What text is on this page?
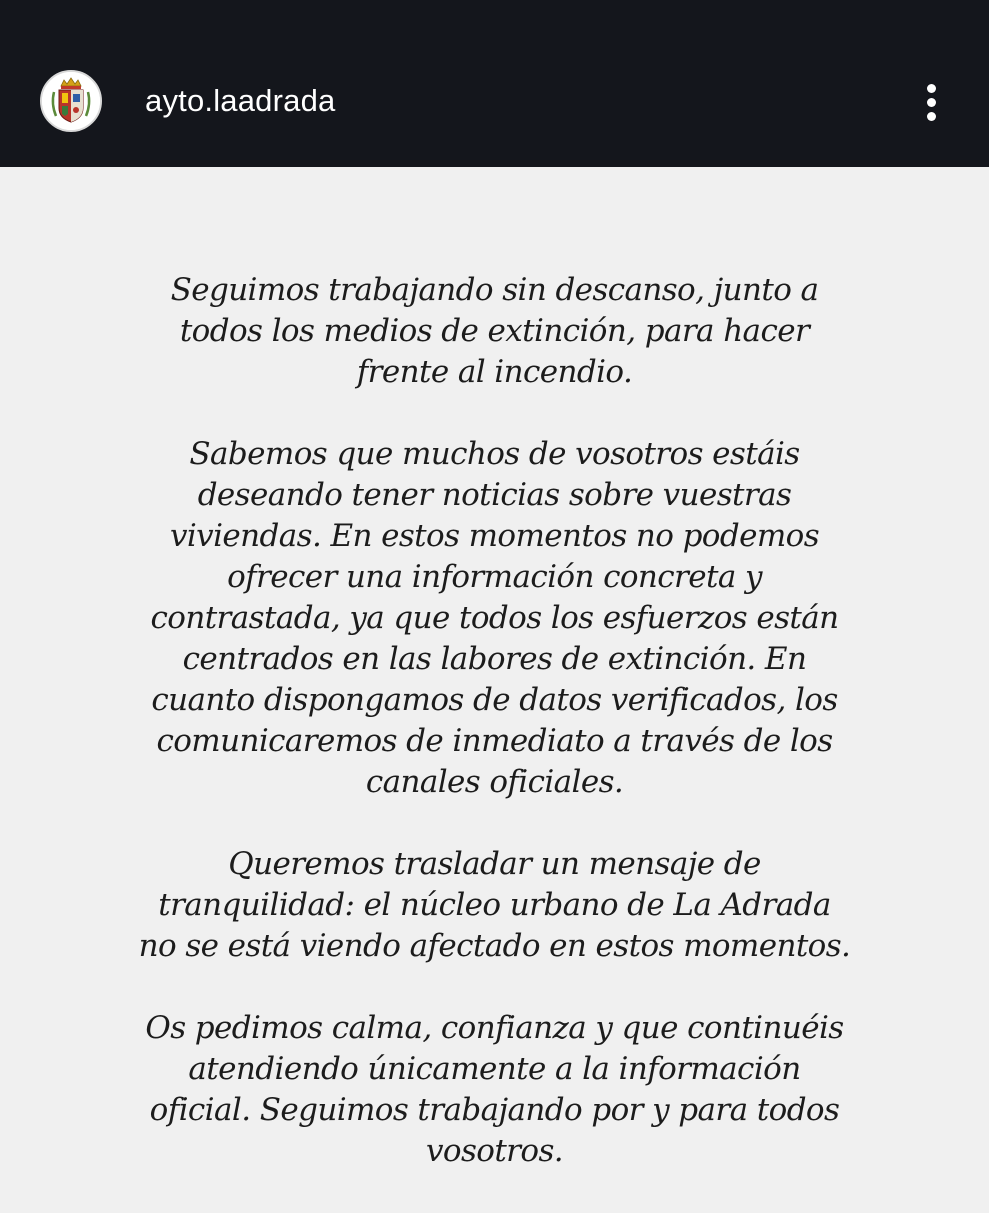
ayto.laadrada

Seguimos trabajando sin descanso, junto a
todos los medios de extinción, para hacer
frente al incendio.

Sabemos que muchos de vosotros estáis
deseando tener noticias sobre vuestras
viviendas. En estos momentos no podemos
ofrecer una información concreta y
contrastada, ya que todos los esfuerzos están
centrados en las labores de extinción. En
cuanto dispongamos de datos verificados, los
comunicaremos de inmediato a través de los
canales oficiales.

Queremos trasladar un mensaje de
tranquilidad: el núcleo urbano de La Adrada
no se está viendo afectado en estos momentos.

Os pedimos calma, confianza y que continuéis
atendiendo únicamente a la información
oficial. Seguimos trabajando por y para todos
vosotros.
